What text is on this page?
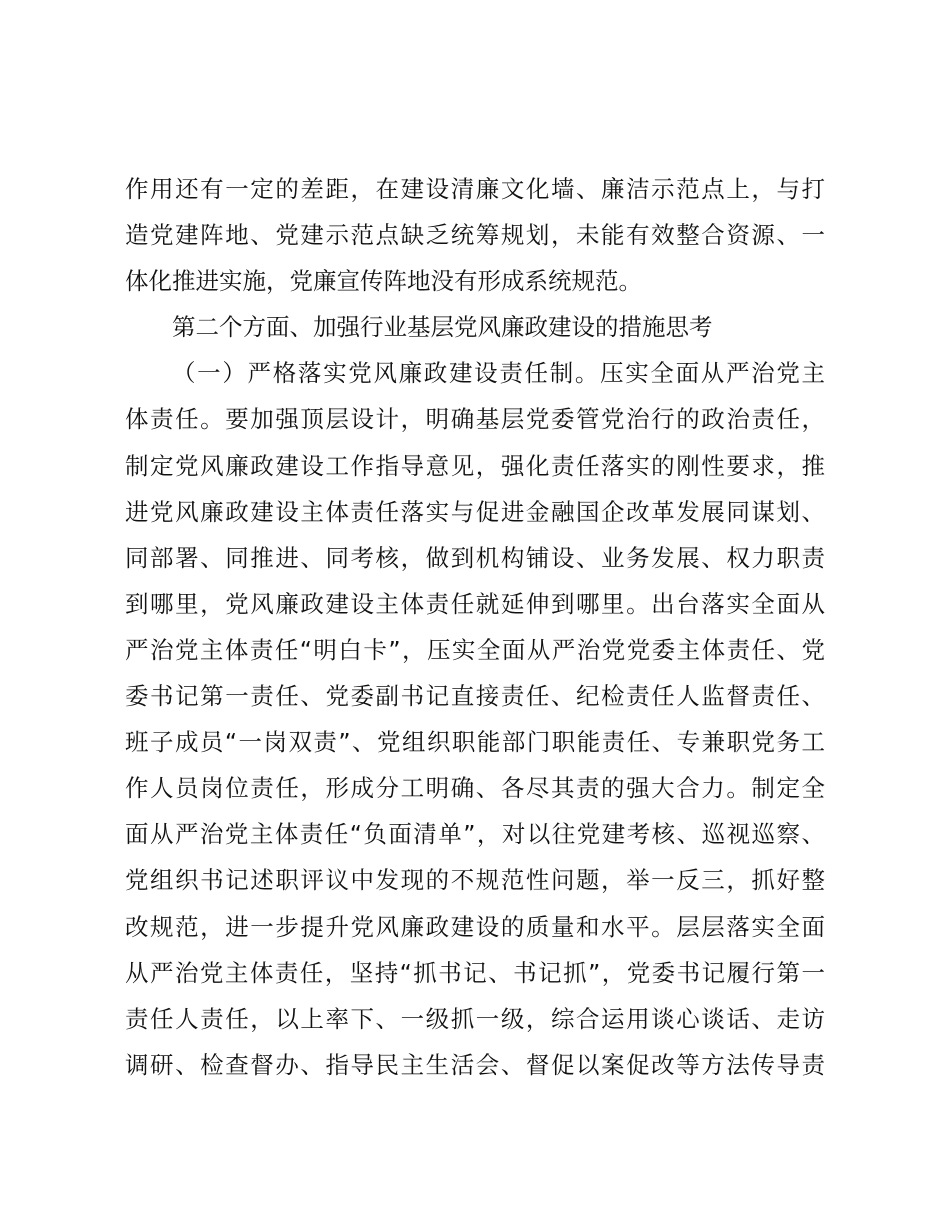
作用还有一定的差距，在建设清廉文化墙、廉洁示范点上，与打
造党建阵地、党建示范点缺乏统筹规划，未能有效整合资源、一
体化推进实施，党廉宣传阵地没有形成系统规范。
第二个方面、加强行业基层党风廉政建设的措施思考
（一）严格落实党风廉政建设责任制。压实全面从严治党主
体责任。要加强顶层设计，明确基层党委管党治行的政治责任，
制定党风廉政建设工作指导意见，强化责任落实的刚性要求，推
进党风廉政建设主体责任落实与促进金融国企改革发展同谋划、
同部署、同推进、同考核，做到机构铺设、业务发展、权力职责
到哪里，党风廉政建设主体责任就延伸到哪里。出台落实全面从
严治党主体责任“明白卡”，压实全面从严治党党委主体责任、党
委书记第一责任、党委副书记直接责任、纪检责任人监督责任、
班子成员“一岗双责”、党组织职能部门职能责任、专兼职党务工
作人员岗位责任，形成分工明确、各尽其责的强大合力。制定全
面从严治党主体责任“负面清单”，对以往党建考核、巡视巡察、
党组织书记述职评议中发现的不规范性问题，举一反三，抓好整
改规范，进一步提升党风廉政建设的质量和水平。层层落实全面
从严治党主体责任，坚持“抓书记、书记抓”，党委书记履行第一
责任人责任，以上率下、一级抓一级，综合运用谈心谈话、走访
调研、检查督办、指导民主生活会、督促以案促改等方法传导责
